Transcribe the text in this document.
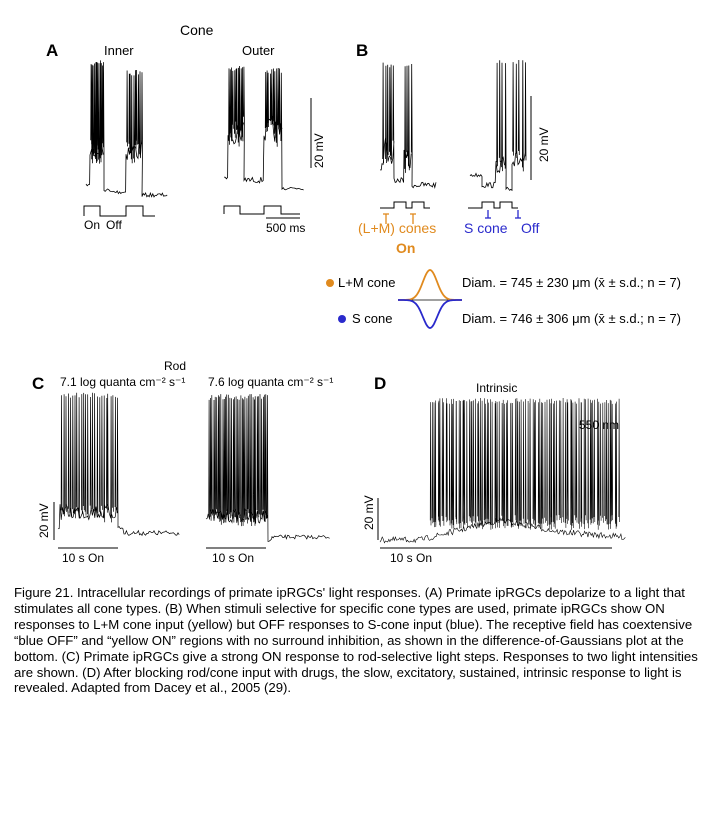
A
Cone
Inner	Outer
20 mV
On Off	500 ms
B
20 mV
(L+M) cones
On
S cone Off
L+M cone
S cone
Diam. = 745 ± 230 μm (x̄ ± s.d.; n = 7)
Diam. = 746 ± 306 μm (x̄ ± s.d.; n = 7)
C
Rod
7.1 log quanta cm⁻² s⁻¹ 7.6 log quanta cm⁻² s⁻¹
20 mV
10 s On	10 s On
D	Intrinsic
550 nm
20 mV
10 s On
Figure 21. Intracellular recordings of primate ipRGCs' light responses. (A) Primate ipRGCs depolarize to a light that stimulates all cone types. (B) When stimuli selective for specific cone types are used, primate ipRGCs show ON responses to L+M cone input (yellow) but OFF responses to S-cone input (blue). The receptive field has coextensive “blue OFF” and “yellow ON” regions with no surround inhibition, as shown in the difference-of-Gaussians plot at the bottom. (C) Primate ipRGCs give a strong ON response to rod-selective light steps. Responses to two light intensities are shown. (D) After blocking rod/cone input with drugs, the slow, excitatory, sustained, intrinsic response to light is revealed. Adapted from Dacey et al., 2005 (29).
